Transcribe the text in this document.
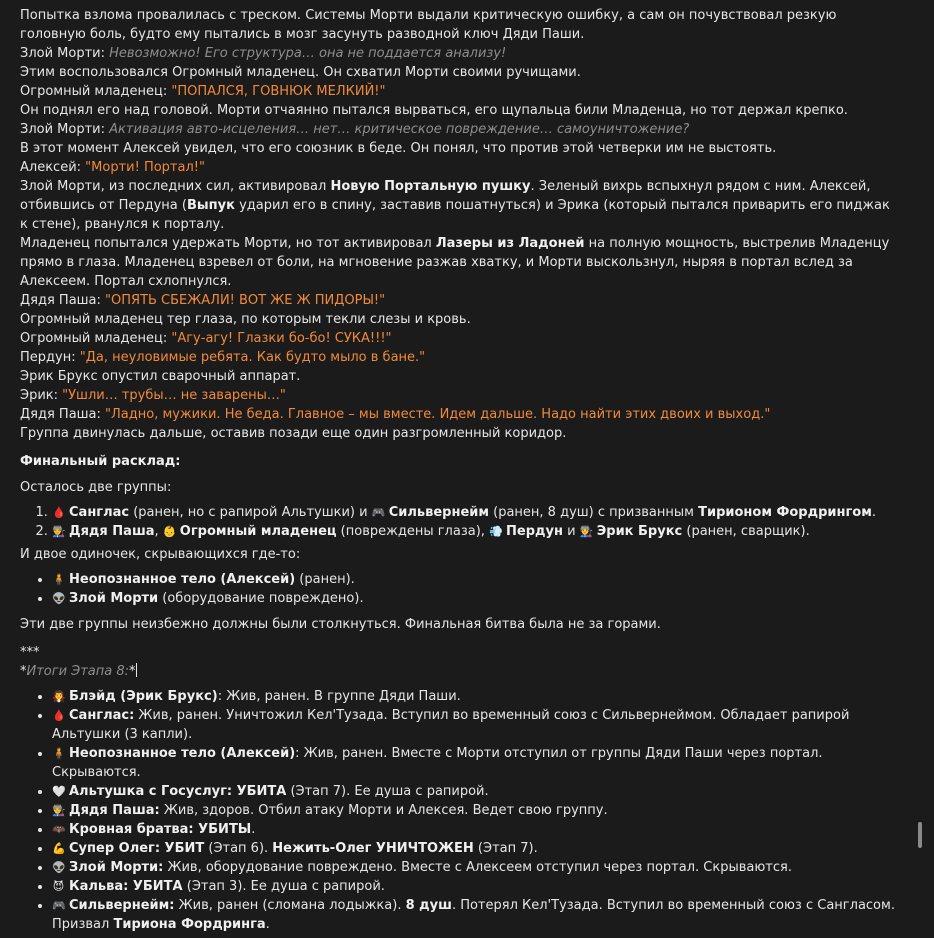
Попытка взлома провалилась с треском. Системы Морти выдали критическую ошибку, а сам он почувствовал резкую головную боль, будто ему пытались в мозг засунуть разводной ключ Дяди Паши.

Злой Морти: Невозможно! Его структура… она не поддается анализу!

Этим воспользовался Огромный младенец. Он схватил Морти своими ручищами.

Огромный младенец: "ПОПАЛСЯ, ГОВНЮК МЕЛКИЙ!"

Он поднял его над головой. Морти отчаянно пытался вырваться, его щупальца били Младенца, но тот держал крепко.

Злой Морти: Активация авто-исцеления… нет… критическое повреждение… самоуничтожение?

В этот момент Алексей увидел, что его союзник в беде. Он понял, что против этой четверки им не выстоять.

Алексей: "Морти! Портал!"

Злой Морти, из последних сил, активировал Новую Портальную пушку. Зеленый вихрь вспыхнул рядом с ним. Алексей, отбившись от Пердуна (Выпук ударил его в спину, заставив пошатнуться) и Эрика (который пытался приварить его пиджак к стене), рванулся к порталу.

Младенец попытался удержать Морти, но тот активировал Лазеры из Ладоней на полную мощность, выстрелив Младенцу прямо в глаза. Младенец взревел от боли, на мгновение разжав хватку, и Морти выскользнул, ныряя в портал вслед за Алексеем. Портал схлопнулся.

Дядя Паша: "ОПЯТЬ СБЕЖАЛИ! ВОТ ЖЕ Ж ПИДОРЫ!"

Огромный младенец тер глаза, по которым текли слезы и кровь.

Огромный младенец: "Агу-агу! Глазки бо-бо! СУКА!!!"

Пердун: "Да, неуловимые ребята. Как будто мыло в бане."

Эрик Брукс опустил сварочный аппарат.

Эрик: "Ушли… трубы… не заварены…"

Дядя Паша: "Ладно, мужики. Не беда. Главное – мы вместе. Идем дальше. Надо найти этих двоих и выход."

Группа двинулась дальше, оставив позади еще один разгромленный коридор.

Финальный расклад:

Осталось две группы:

1. 🩸 Санглас (ранен, но с рапирой Альтушки) и 🎮 Сильвернейм (ранен, 8 душ) с призванным Тирионом Фордрингом.
2. 👨‍🏭 Дядя Паша, 👶 Огромный младенец (повреждены глаза), 💨 Пердун и 👨‍🏭 Эрик Брукс (ранен, сварщик).

И двое одиночек, скрывающихся где-то:

• 🧍 Неопознанное тело (Алексей) (ранен).
• 👽 Злой Морти (оборудование повреждено).

Эти две группы неизбежно должны были столкнуться. Финальная битва была не за горами.

***

*Итоги Этапа 8:*

• 🧛 Блэйд (Эрик Брукс): Жив, ранен. В группе Дяди Паши.
• 🩸 Санглас: Жив, ранен. Уничтожил Кел'Тузада. Вступил во временный союз с Сильвернеймом. Обладает рапирой Альтушки (3 капли).
• 🧍 Неопознанное тело (Алексей): Жив, ранен. Вместе с Морти отступил от группы Дяди Паши через портал. Скрываются.
• 🤍 Альтушка с Госуслуг: УБИТА (Этап 7). Ее душа с рапирой.
• 👨‍🏭 Дядя Паша: Жив, здоров. Отбил атаку Морти и Алексея. Ведет свою группу.
• 🦇 Кровная братва: УБИТЫ.
• 💪 Супер Олег: УБИТ (Этап 6). Нежить-Олег УНИЧТОЖЕН (Этап 7).
• 👽 Злой Морти: Жив, оборудование повреждено. Вместе с Алексеем отступил через портал. Скрываются.
• 😈 Кальва: УБИТА (Этап 3). Ее душа с рапирой.
• 🎮 Сильвернейм: Жив, ранен (сломана лодыжка). 8 душ. Потерял Кел'Тузада. Вступил во временный союз с Сангласом. Призвал Тириона Фордринга.
